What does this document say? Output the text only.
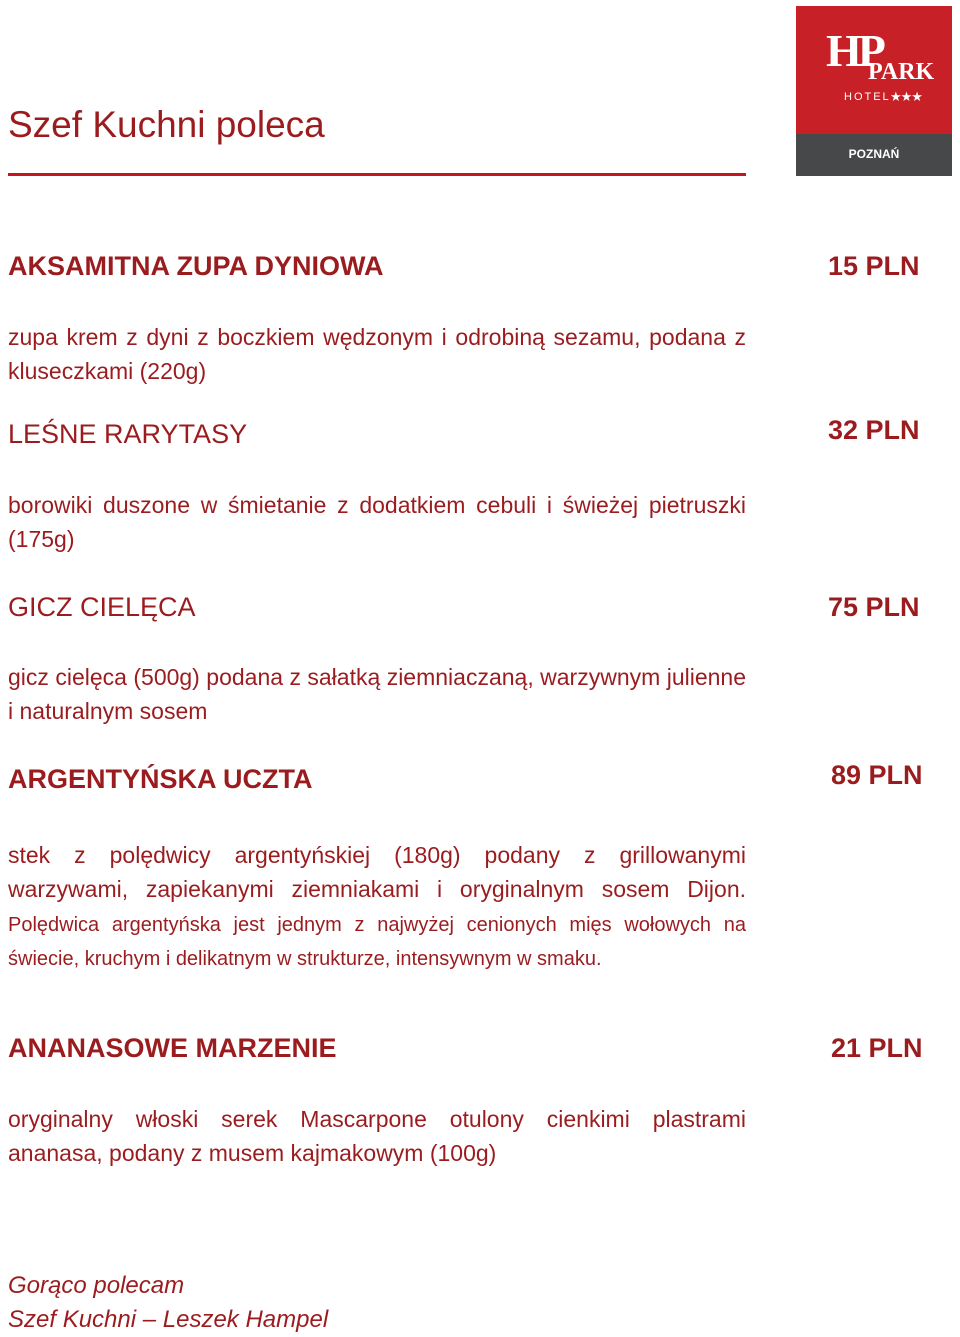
Szef Kuchni poleca
HP
PARK
HOTEL ★★★
POZNAŃ
AKSAMITNA ZUPA DYNIOWA	15 PLN

zupa krem z dyni z boczkiem wędzonym i odrobiną sezamu, podana z kluseczkami (220g)

LEŚNE RARYTASY	32 PLN

borowiki duszone w śmietanie z dodatkiem cebuli i świeżej pietruszki (175g)

GICZ CIELĘCA	75 PLN

gicz cielęca (500g) podana z sałatką ziemniaczaną, warzywnym julienne i naturalnym sosem

ARGENTYŃSKA UCZTA	89 PLN
stek z polędwicy argentyńskiej (180g) podany z grillowanymi warzywami, zapiekanymi ziemniakami i oryginalnym sosem Dijon. Polędwica argentyńska jest jednym z najwyżej cenionych mięs wołowych na świecie, kruchym i delikatnym w strukturze, intensywnym w smaku.
ANANASOWE MARZENIE	21 PLN

oryginalny włoski serek Mascarpone otulony cienkimi plastrami ananasa, podany z musem kajmakowym (100g)

Gorąco polecam

Szef Kuchni – Leszek Hampel
